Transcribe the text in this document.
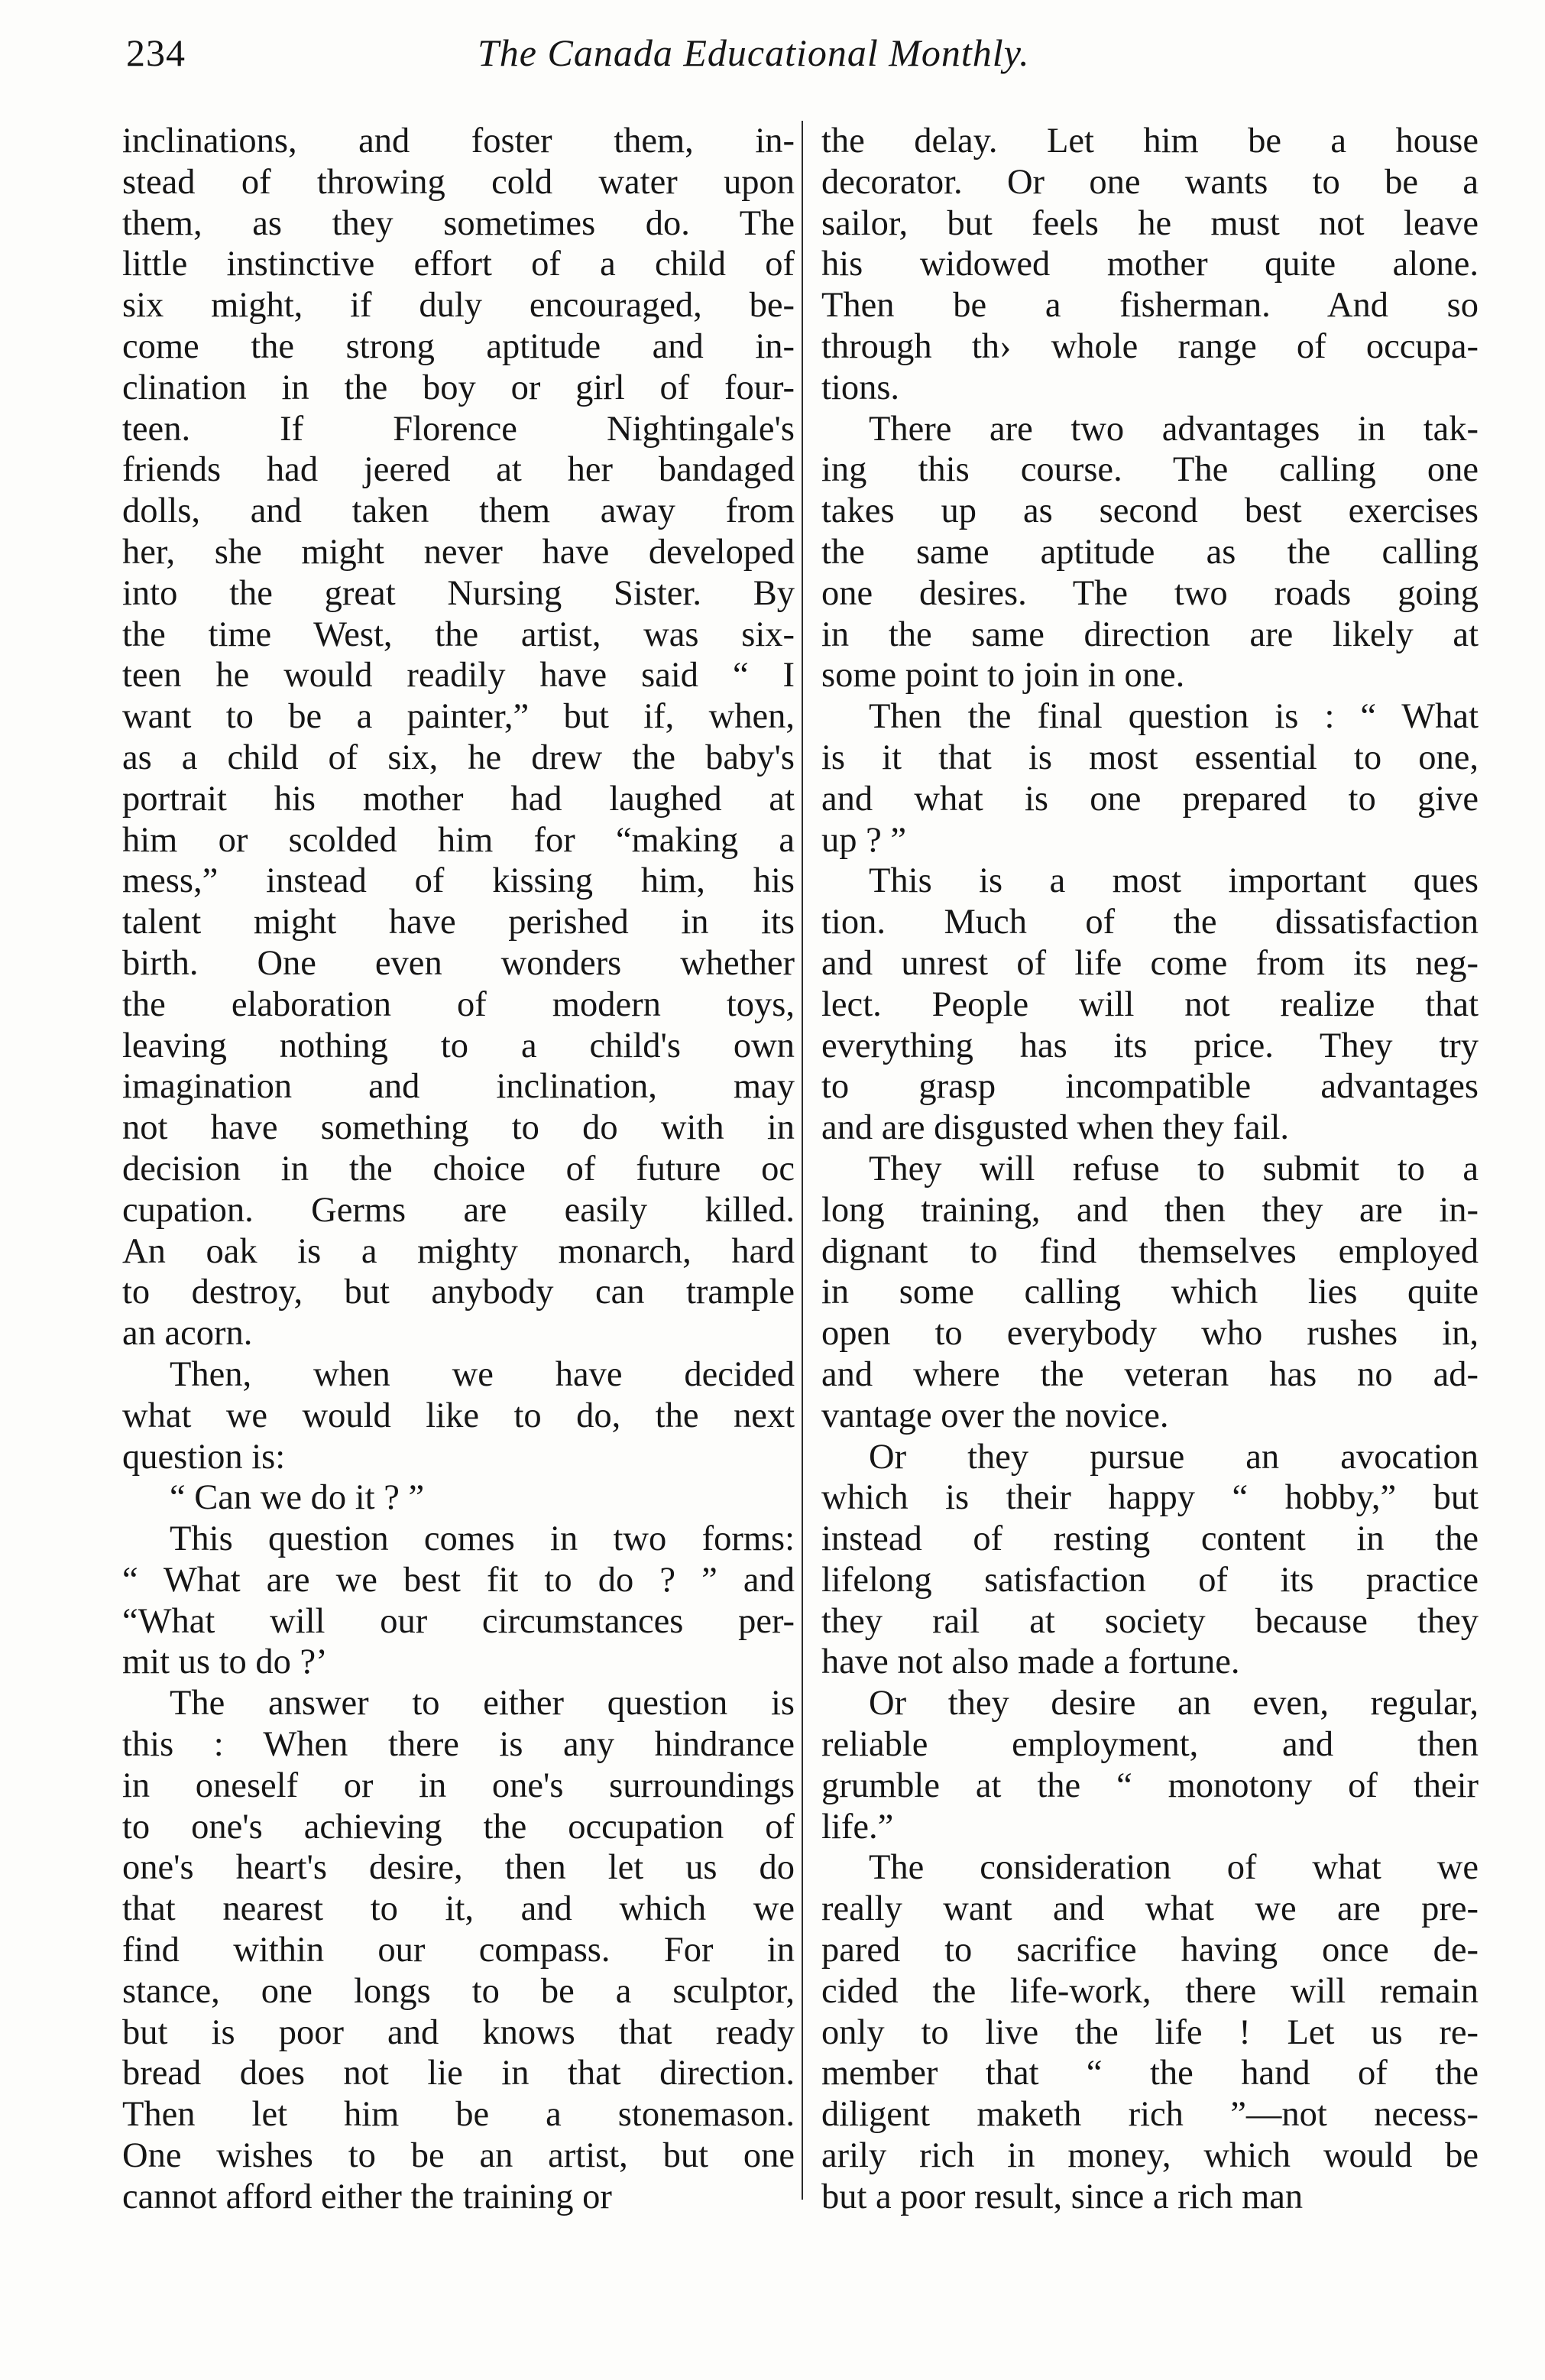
234	The Canada Educational Monthly.
inclinations, and foster them, in-
stead of throwing cold water upon
them, as they sometimes do. The
little instinctive effort of a child of
six might, if duly encouraged, be-
come the strong aptitude and in-
clination in the boy or girl of four-
teen. If Florence Nightingale's
friends had jeered at her bandaged
dolls, and taken them away from
her, she might never have developed
into the great Nursing Sister. By
the time West, the artist, was six-
teen he would readily have said “ I
want to be a painter,” but if, when,
as a child of six, he drew the baby's
portrait his mother had laughed at
him or scolded him for “making a
mess,” instead of kissing him, his
talent might have perished in its
birth. One even wonders whether
the elaboration of modern toys,
leaving nothing to a child's own
imagination and inclination, may
not have something to do with in
decision in the choice of future oc
cupation. Germs are easily killed.
An oak is a mighty monarch, hard
to destroy, but anybody can trample
an acorn.
Then, when we have decided
what we would like to do, the next
question is:
“ Can we do it ? ”
This question comes in two forms:
“ What are we best fit to do ? ” and
“What will our circumstances per-
mit us to do ?’
The answer to either question is
this : When there is any hindrance
in oneself or in one's surroundings
to one's achieving the occupation of
one's heart's desire, then let us do
that nearest to it, and which we
find within our compass. For in
stance, one longs to be a sculptor,
but is poor and knows that ready
bread does not lie in that direction.
Then let him be a stonemason.
One wishes to be an artist, but one
cannot afford either the training or
the delay. Let him be a house
decorator. Or one wants to be a
sailor, but feels he must not leave
his widowed mother quite alone.
Then be a fisherman. And so
through th› whole range of occupa-
tions.
There are two advantages in tak-
ing this course. The calling one
takes up as second best exercises
the same aptitude as the calling
one desires. The two roads going
in the same direction are likely at
some point to join in one.
Then the final question is : “ What
is it that is most essential to one,
and what is one prepared to give
up ? ”
This is a most important ques
tion. Much of the dissatisfaction
and unrest of life come from its neg-
lect. People will not realize that
everything has its price. They try
to grasp incompatible advantages
and are disgusted when they fail.
They will refuse to submit to a
long training, and then they are in-
dignant to find themselves employed
in some calling which lies quite
open to everybody who rushes in,
and where the veteran has no ad-
vantage over the novice.
Or they pursue an avocation
which is their happy “ hobby,” but
instead of resting content in the
lifelong satisfaction of its practice
they rail at society because they
have not also made a fortune.
Or they desire an even, regular,
reliable employment, and then
grumble at the “ monotony of their
life.”
The consideration of what we
really want and what we are pre-
pared to sacrifice having once de-
cided the life-work, there will remain
only to live the life ! Let us re-
member that “ the hand of the
diligent maketh rich ”—not necess-
arily rich in money, which would be
but a poor result, since a rich man
